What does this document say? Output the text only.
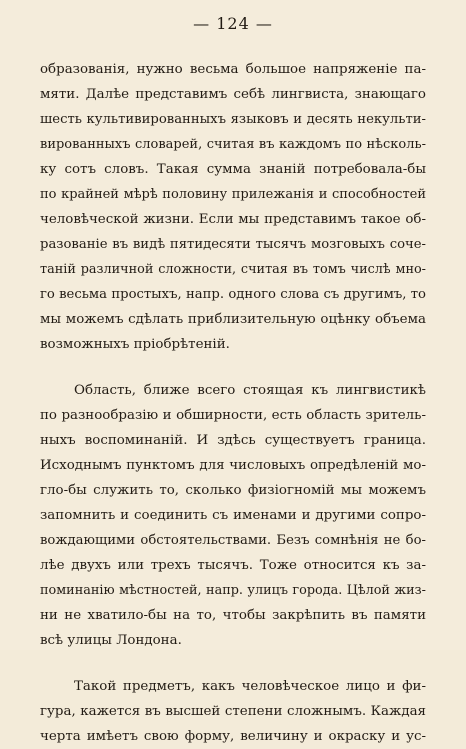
— 124 —

образованія, нужно весьма большое напряженіе па-
мяти. Далѣе представимъ себѣ лингвиста, знающаго
шесть культивированныхъ языковъ и десять некульти-
вированныхъ словарей, считая въ каждомъ по нѣсколь-
ку сотъ словъ. Такая сумма знаній потребовала-бы
по крайней мѣрѣ половину прилежанія и способностей
человѣческой жизни. Если мы представимъ такое об-
разованіе въ видѣ пятидесяти тысячъ мозговыхъ соче-
таній различной сложности, считая въ томъ числѣ мно-
го весьма простыхъ, напр. одного слова съ другимъ, то
мы можемъ сдѣлать приблизительную оцѣнку объема
возможныхъ пріобрѣтеній.

Область, ближе всего стоящая къ лингвистикѣ
по разнообразію и обширности, есть область зритель-
ныхъ воспоминаній. И здѣсь существуетъ граница.
Исходнымъ пунктомъ для числовыхъ опредѣленій мо-
гло-бы служить то, сколько физіогномій мы можемъ
запомнить и соединить съ именами и другими сопро-
вождающими обстоятельствами. Безъ сомнѣнія не бо-
лѣе двухъ или трехъ тысячъ. Тоже относится къ за-
поминанію мѣстностей, напр. улицъ города. Цѣлой жиз-
ни не хватило-бы на то, чтобы закрѣпить въ памяти
всѣ улицы Лондона.

Такой предметъ, какъ человѣческое лицо и фи-
гура, кажется въ высшей степени сложнымъ. Каждая
черта имѣетъ свою форму, величину и окраску и ус-
